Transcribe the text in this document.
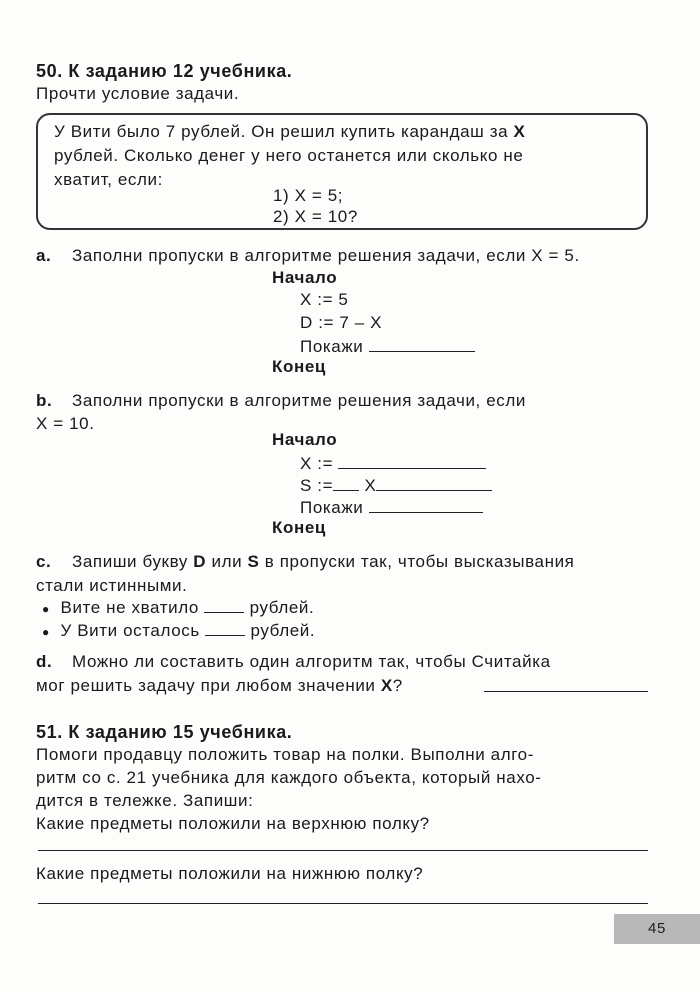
50. К заданию 12 учебника.
Прочти условие задачи.
У Вити было 7 рублей. Он решил купить карандаш за X
рублей. Сколько денег у него останется или сколько не
хватит, если:
1) X = 5;
2) X = 10?
a. Заполни пропуски в алгоритме решения задачи, если X = 5.
Начало
X := 5
D := 7 – X
Покажи
Конец
b. Заполни пропуски в алгоритме решения задачи, если
X = 10.
Начало
X :=
S := X
Покажи
Конец
c. Запиши букву D или S в пропуски так, чтобы высказывания
стали истинными.
● Вите не хватило	рублей.
● У Вити осталось	рублей.
d. Можно ли составить один алгоритм так, чтобы Считайка
мог решить задачу при любом значении X?
51. К заданию 15 учебника.
Помоги продавцу положить товар на полки. Выполни алго-
ритм со с. 21 учебника для каждого объекта, который нахо-
дится в тележке. Запиши:
Какие предметы положили на верхнюю полку?
Какие предметы положили на нижнюю полку?
45
